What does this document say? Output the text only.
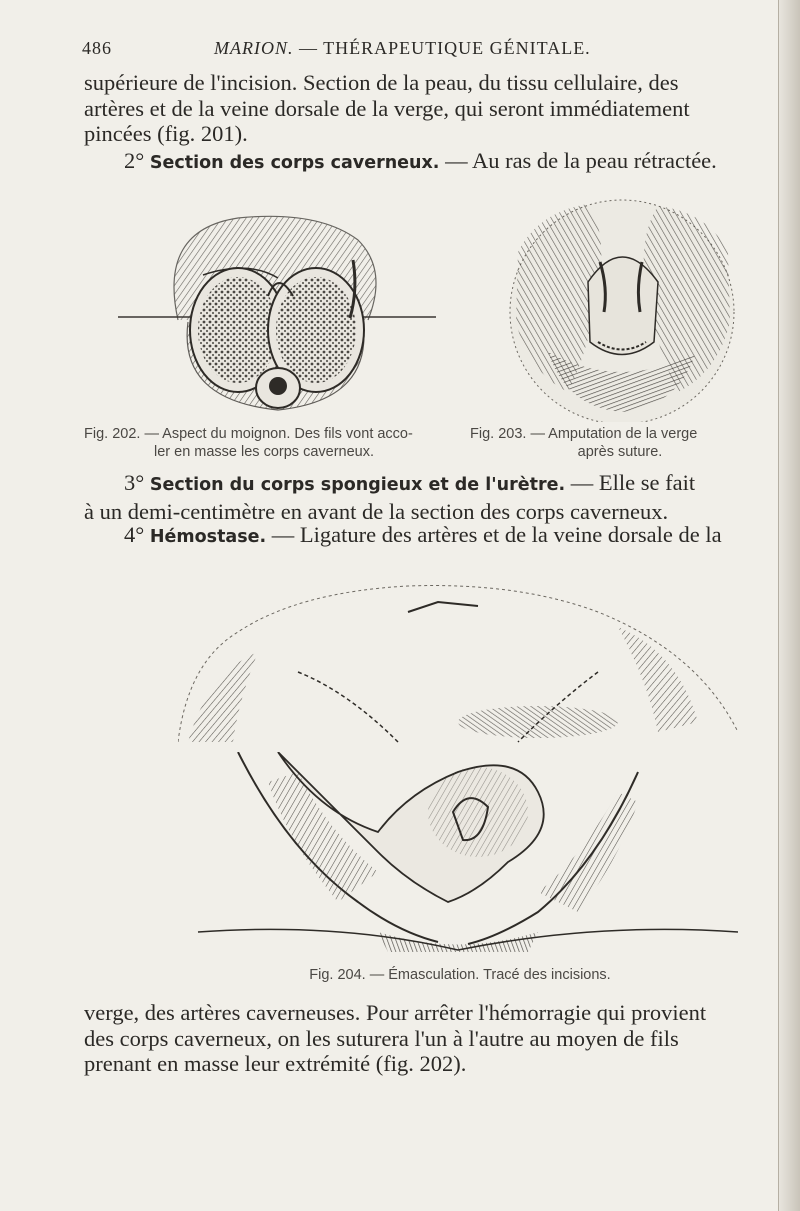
486	MARION. — THÉRAPEUTIQUE GÉNITALE.

supérieure de l'incision. Section de la peau, du tissu cellulaire, des
artères et de la veine dorsale de la verge, qui seront immédiatement
pincées (fig. 201).

2° Section des corps caverneux. — Au ras de la peau rétractée.

Fig. 202. — Aspect du moignon. Des fils vont acco-
ler en masse les corps caverneux.
Fig. 203. — Amputation de la verge
après suture.

3° Section du corps spongieux et de l'urètre. — Elle se fait
à un demi-centimètre en avant de la section des corps caverneux.

4° Hémostase. — Ligature des artères et de la veine dorsale de la

Fig. 204. — Émasculation. Tracé des incisions.

verge, des artères caverneuses. Pour arrêter l'hémorragie qui provient
des corps caverneux, on les suturera l'un à l'autre au moyen de fils
prenant en masse leur extrémité (fig. 202).
